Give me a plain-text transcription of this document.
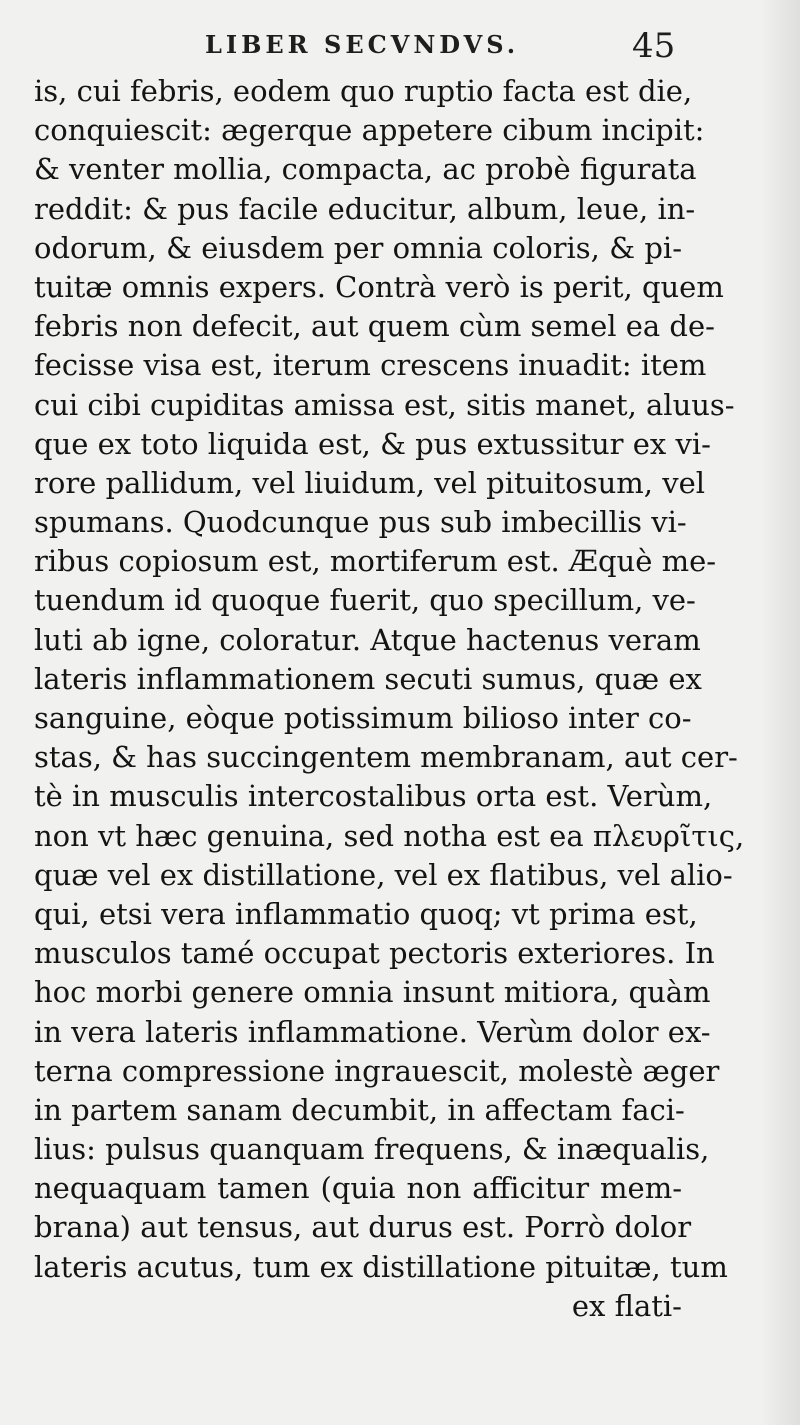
LIBER SECVNDVS.	45
is, cui febris, eodem quo ruptio facta est die,
conquiescit: ægerque appetere cibum incipit:
& venter mollia, compacta, ac probè figurata
reddit: & pus facile educitur, album, leue, in-
odorum, & eiusdem per omnia coloris, & pi-
tuitæ omnis expers. Contrà verò is perit, quem
febris non defecit, aut quem cùm semel ea de-
fecisse visa est, iterum crescens inuadit: item
cui cibi cupiditas amissa est, sitis manet, aluus-
que ex toto liquida est, & pus extussitur ex vi-
rore pallidum, vel liuidum, vel pituitosum, vel
spumans. Quodcunque pus sub imbecillis vi-
ribus copiosum est, mortiferum est. Æquè me-
tuendum id quoque fuerit, quo specillum, ve-
luti ab igne, coloratur. Atque hactenus veram
lateris inflammationem secuti sumus, quæ ex
sanguine, eòque potissimum bilioso inter co-
stas, & has succingentem membranam, aut cer-
tè in musculis intercostalibus orta est. Verùm,
non vt hæc genuina, sed notha est ea πλευρῖτις,
quæ vel ex distillatione, vel ex flatibus, vel alio-
qui, etsi vera inflammatio quoq; vt prima est,
musculos tamé occupat pectoris exteriores. In
hoc morbi genere omnia insunt mitiora, quàm
in vera lateris inflammatione. Verùm dolor ex-
terna compressione ingrauescit, molestè æger
in partem sanam decumbit, in affectam faci-
lius: pulsus quanquam frequens, & inæqualis,
nequaquam tamen (quia non afficitur mem-
brana) aut tensus, aut durus est. Porrò dolor
lateris acutus, tum ex distillatione pituitæ, tum
ex flati-
